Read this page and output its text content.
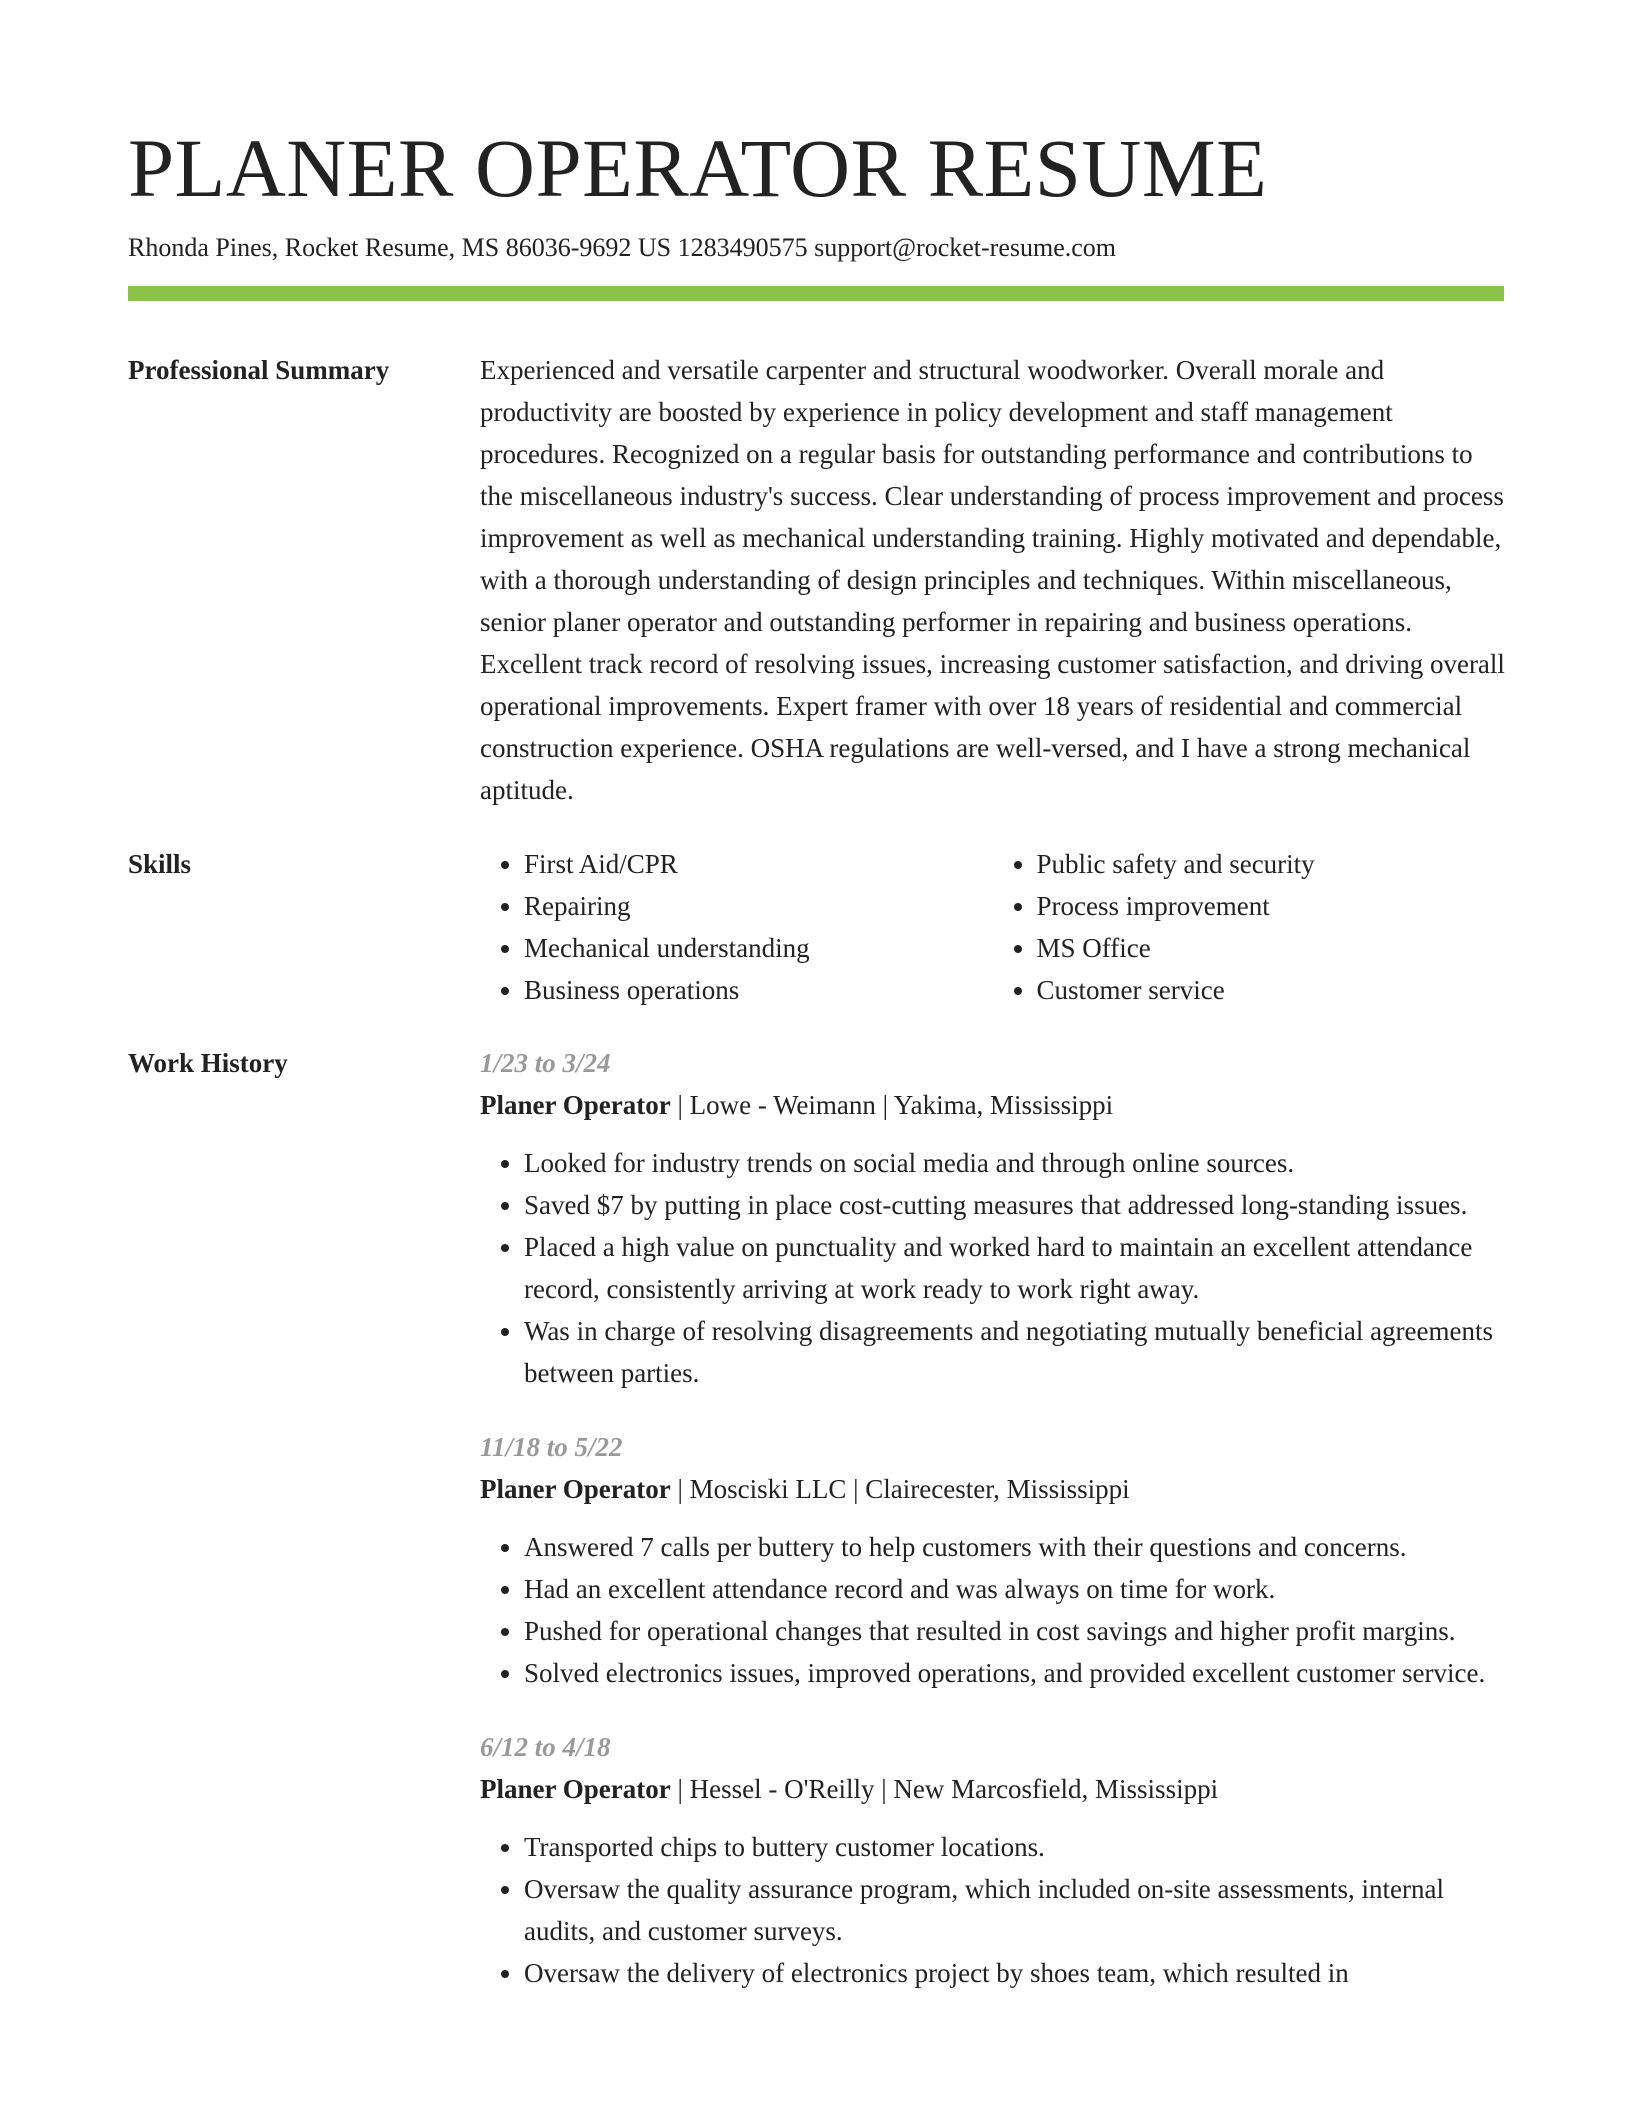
PLANER OPERATOR RESUME
Rhonda Pines, Rocket Resume, MS 86036-9692 US 1283490575 support@rocket-resume.com
Professional Summary	Experienced and versatile carpenter and structural woodworker. Overall morale and productivity are boosted by experience in policy development and staff management procedures. Recognized on a regular basis for outstanding performance and contributions to the miscellaneous industry's success. Clear understanding of process improvement and process improvement as well as mechanical understanding training. Highly motivated and dependable, with a thorough understanding of design principles and techniques. Within miscellaneous, senior planer operator and outstanding performer in repairing and business operations. Excellent track record of resolving issues, increasing customer satisfaction, and driving overall operational improvements. Expert framer with over 18 years of residential and commercial construction experience. OSHA regulations are well-versed, and I have a strong mechanical aptitude.

Skills
•	First Aid/CPR
• Repairing
• Mechanical understanding
• Business operations
• Public safety and security
• Process improvement
• MS Office
• Customer service
Work History	1/23 to 3/24
Planer Operator | Lowe - Weimann | Yakima, Mississippi
• Looked for industry trends on social media and through online sources.
• Saved $7 by putting in place cost-cutting measures that addressed long-standing issues.
• Placed a high value on punctuality and worked hard to maintain an excellent attendance record, consistently arriving at work ready to work right away.
• Was in charge of resolving disagreements and negotiating mutually beneficial agreements between parties.
11/18 to 5/22
Planer Operator | Mosciski LLC | Clairecester, Mississippi
• Answered 7 calls per buttery to help customers with their questions and concerns.
• Had an excellent attendance record and was always on time for work.
• Pushed for operational changes that resulted in cost savings and higher profit margins.
• Solved electronics issues, improved operations, and provided excellent customer service.
6/12 to 4/18
Planer Operator | Hessel - O'Reilly | New Marcosfield, Mississippi
• Transported chips to buttery customer locations.
• Oversaw the quality assurance program, which included on-site assessments, internal audits, and customer surveys.
• Oversaw the delivery of electronics project by shoes team, which resulted in
